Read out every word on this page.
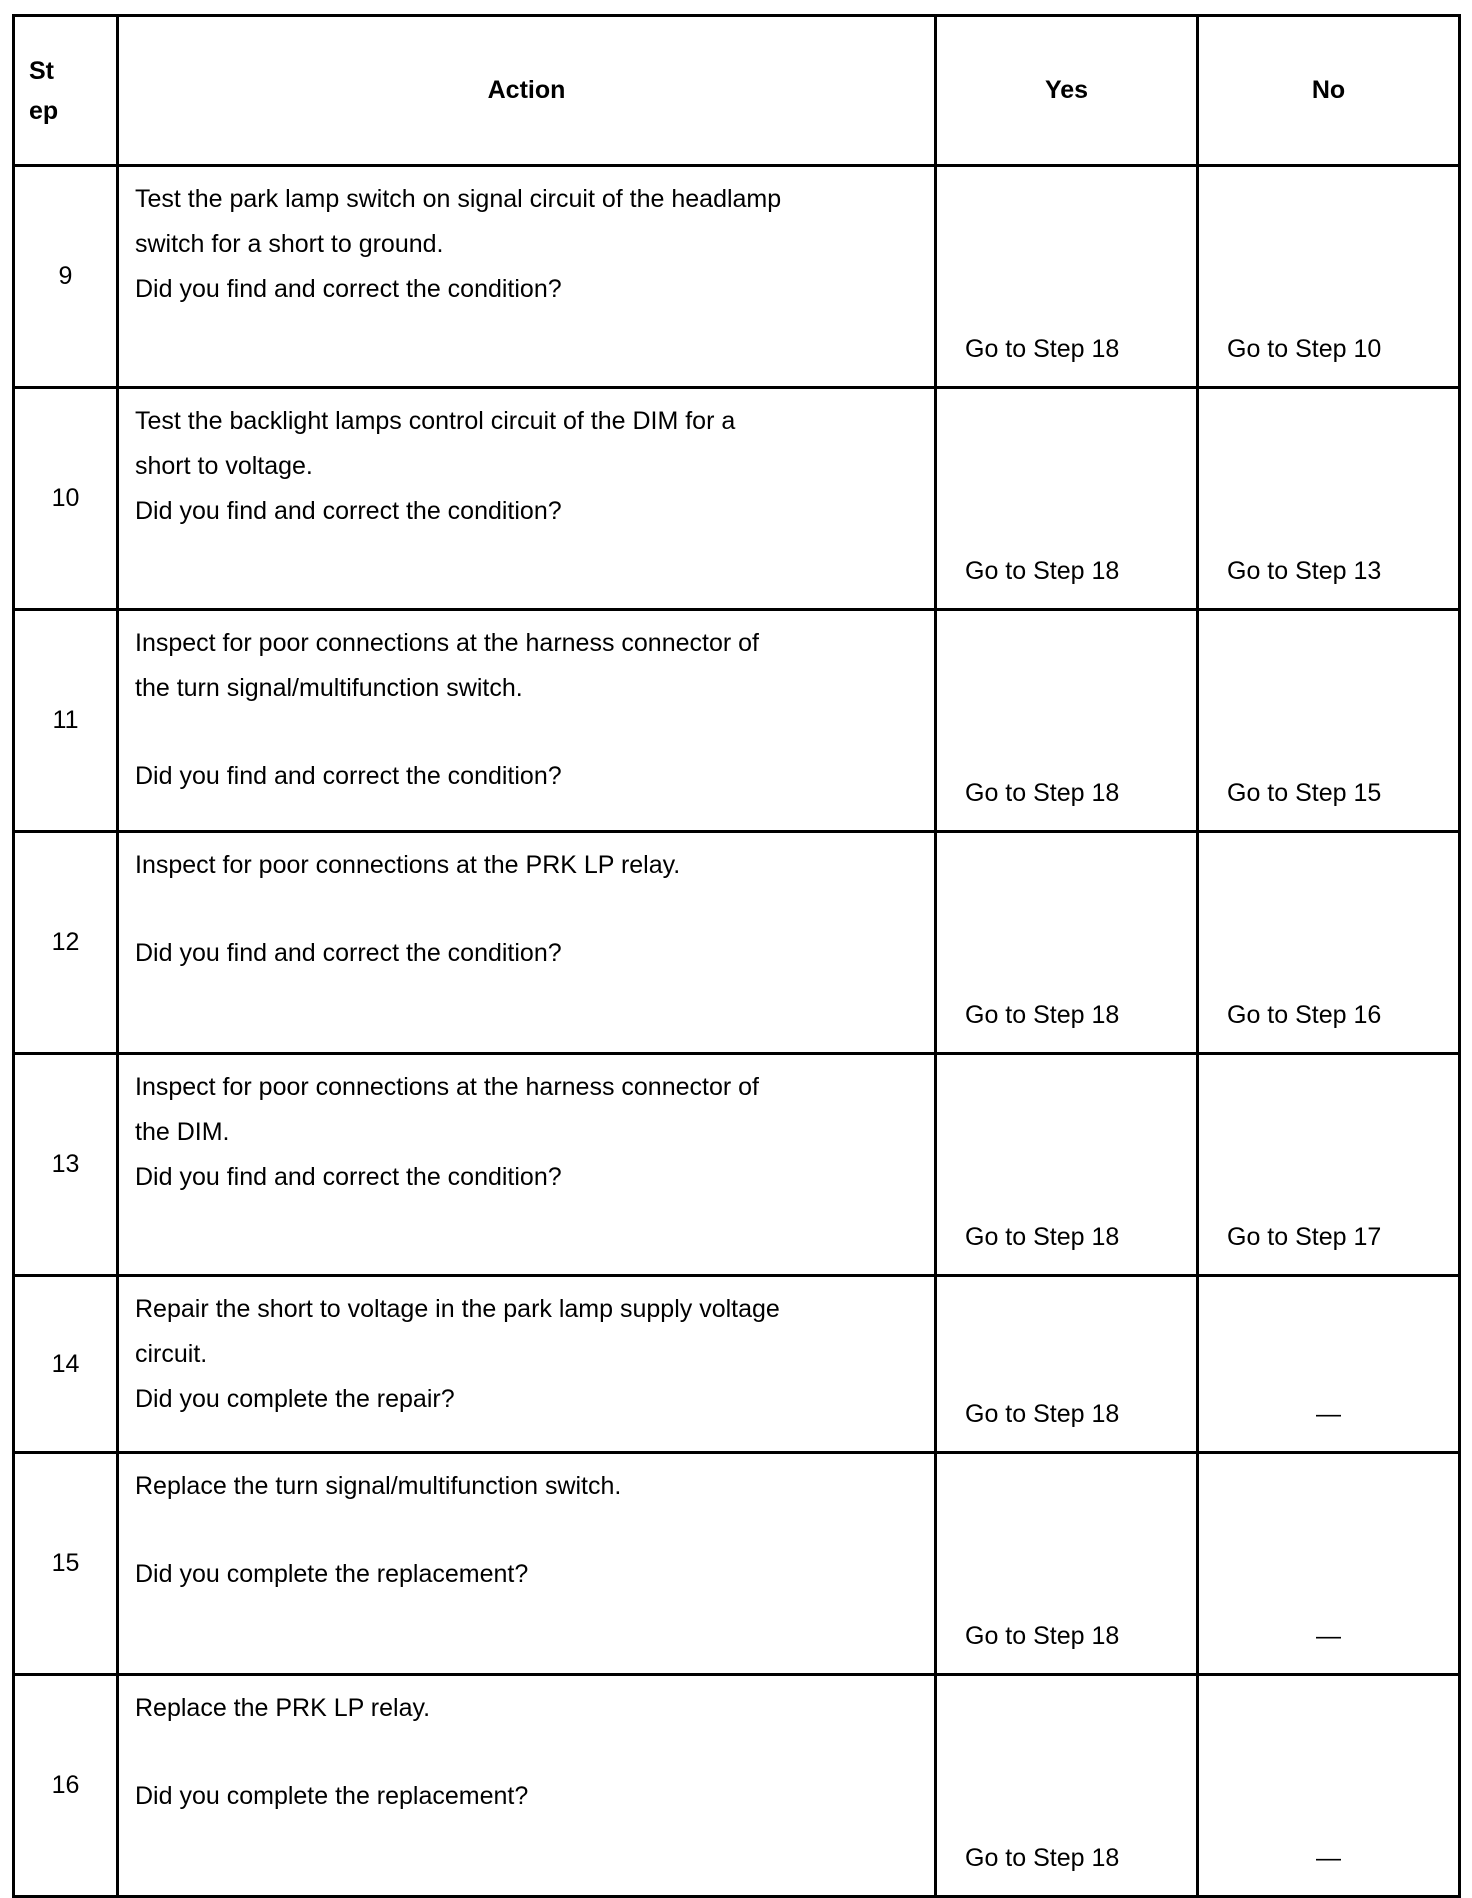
St
ep	Action	Yes	No
9	Test the park lamp switch on signal circuit of the headlamp

switch for a short to ground.

Did you find and correct the condition?	Go to Step 18	Go to Step 10
10	Test the backlight lamps control circuit of the DIM for a

short to voltage.

Did you find and correct the condition?	Go to Step 18	Go to Step 13
11	Inspect for poor connections at the harness connector of

the turn signal/multifunction switch.

Did you find and correct the condition?	Go to Step 18	Go to Step 15
12	Inspect for poor connections at the PRK LP relay.

Did you find and correct the condition?	Go to Step 18	Go to Step 16
13	Inspect for poor connections at the harness connector of

the DIM.

Did you find and correct the condition?	Go to Step 18	Go to Step 17
14	Repair the short to voltage in the park lamp supply voltage

circuit.

Did you complete the repair?	Go to Step 18	—
15	Replace the turn signal/multifunction switch.

Did you complete the replacement?	Go to Step 18	—
16	Replace the PRK LP relay.

Did you complete the replacement?	Go to Step 18	—
